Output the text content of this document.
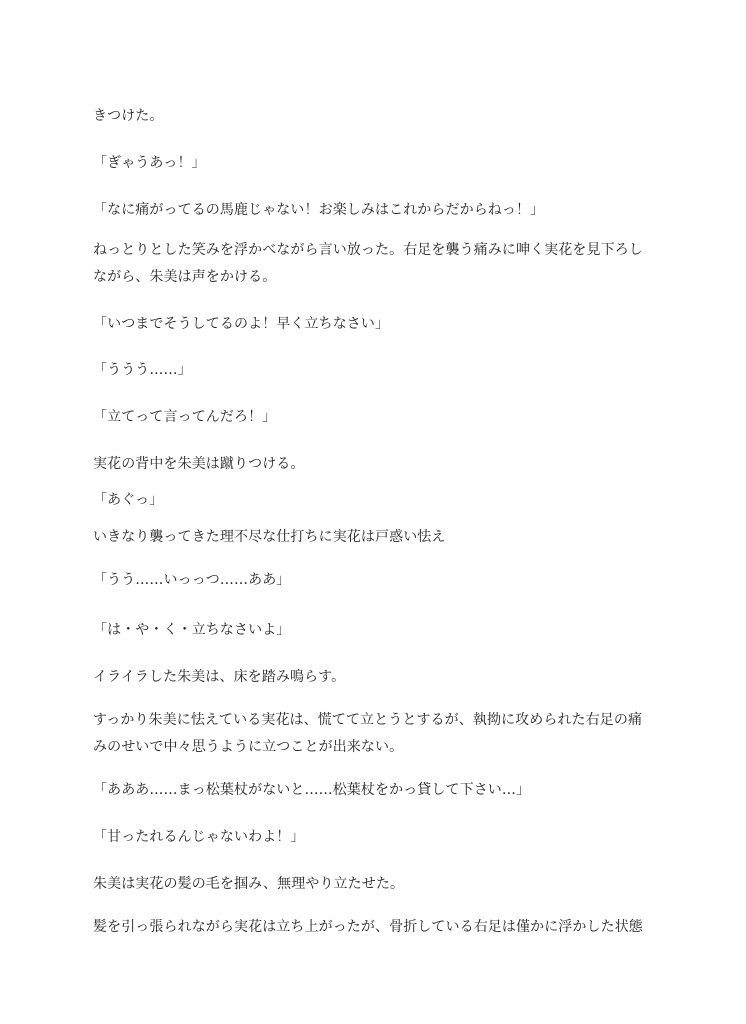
きつけた。

「ぎゃうあっ！」

「なに痛がってるの馬鹿じゃない！お楽しみはこれからだからねっ！」

ねっとりとした笑みを浮かべながら言い放った。右足を襲う痛みに呻く実花を見下ろし

ながら、朱美は声をかける。

「いつまでそうしてるのよ！早く立ちなさい」

「ううう……」

「立てって言ってんだろ！」

実花の背中を朱美は蹴りつける。

「あぐっ」

いきなり襲ってきた理不尽な仕打ちに実花は戸惑い怯え

「うう……いっっつ……ああ」

「は・や・く・立ちなさいよ」

イライラした朱美は、床を踏み鳴らす。

すっかり朱美に怯えている実花は、慌てて立とうとするが、執拗に攻められた右足の痛

みのせいで中々思うように立つことが出来ない。

「あああ……まっ松葉杖がないと……松葉杖をかっ貸して下さい…」

「甘ったれるんじゃないわよ！」

朱美は実花の髪の毛を掴み、無理やり立たせた。

髪を引っ張られながら実花は立ち上がったが、骨折している右足は僅かに浮かした状態
